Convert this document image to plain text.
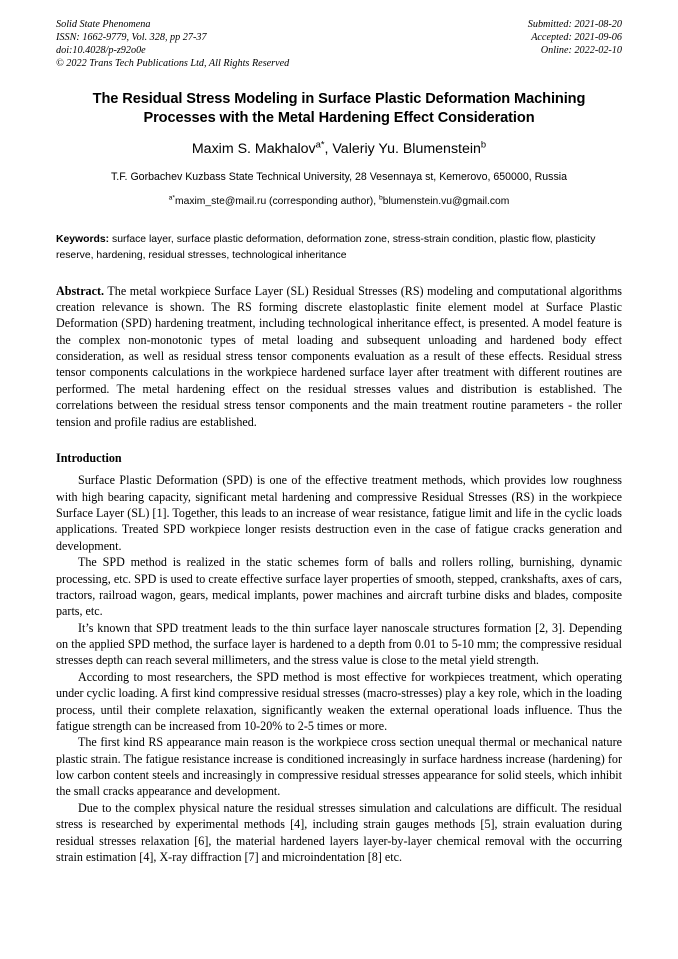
Solid State Phenomena
ISSN: 1662-9779, Vol. 328, pp 27-37
doi:10.4028/p-z92o0e
© 2022 Trans Tech Publications Ltd, All Rights Reserved
Submitted: 2021-08-20
Accepted: 2021-09-06
Online: 2022-02-10
The Residual Stress Modeling in Surface Plastic Deformation Machining Processes with the Metal Hardening Effect Consideration
Maxim S. Makhalov$^{a*}$, Valeriy Yu. Blumenstein$^b$
T.F. Gorbachev Kuzbass State Technical University, 28 Vesennaya st, Kemerovo, 650000, Russia
$^{a*}$maxim_ste@mail.ru (corresponding author), $^b$blumenstein.vu@gmail.com
Keywords: surface layer, surface plastic deformation, deformation zone, stress-strain condition, plastic flow, plasticity reserve, hardening, residual stresses, technological inheritance
Abstract. The metal workpiece Surface Layer (SL) Residual Stresses (RS) modeling and computational algorithms creation relevance is shown. The RS forming discrete elastoplastic finite element model at Surface Plastic Deformation (SPD) hardening treatment, including technological inheritance effect, is presented. A model feature is the complex non-monotonic types of metal loading and subsequent unloading and hardened body effect consideration, as well as residual stress tensor components evaluation as a result of these effects. Residual stress tensor components calculations in the workpiece hardened surface layer after treatment with different routines are performed. The metal hardening effect on the residual stresses values and distribution is established. The correlations between the residual stress tensor components and the main treatment routine parameters - the roller tension and profile radius are established.
Introduction

Surface Plastic Deformation (SPD) is one of the effective treatment methods, which provides low roughness with high bearing capacity, significant metal hardening and compressive Residual Stresses (RS) in the workpiece Surface Layer (SL) [1]. Together, this leads to an increase of wear resistance, fatigue limit and life in the cyclic loads applications. Treated SPD workpiece longer resists destruction even in the case of fatigue cracks generation and development.

The SPD method is realized in the static schemes form of balls and rollers rolling, burnishing, dynamic processing, etc. SPD is used to create effective surface layer properties of smooth, stepped, crankshafts, axes of cars, tractors, railroad wagon, gears, medical implants, power machines and aircraft turbine disks and blades, composite parts, etc.

It’s known that SPD treatment leads to the thin surface layer nanoscale structures formation [2, 3]. Depending on the applied SPD method, the surface layer is hardened to a depth from 0.01 to 5-10 mm; the compressive residual stresses depth can reach several millimeters, and the stress value is close to the metal yield strength.

According to most researchers, the SPD method is most effective for workpieces treatment, which operating under cyclic loading. A first kind compressive residual stresses (macro-stresses) play a key role, which in the loading process, until their complete relaxation, significantly weaken the external operational loads influence. Thus the fatigue strength can be increased from 10-20% to 2-5 times or more.

The first kind RS appearance main reason is the workpiece cross section unequal thermal or mechanical nature plastic strain. The fatigue resistance increase is conditioned increasingly in surface hardness increase (hardening) for low carbon content steels and increasingly in compressive residual stresses appearance for solid steels, which inhibit the small cracks appearance and development.

Due to the complex physical nature the residual stresses simulation and calculations are difficult. The residual stress is researched by experimental methods [4], including strain gauges methods [5], strain evaluation during residual stresses relaxation [6], the material hardened layers layer-by-layer chemical removal with the occurring strain estimation [4], X-ray diffraction [7] and microindentation [8] etc.
